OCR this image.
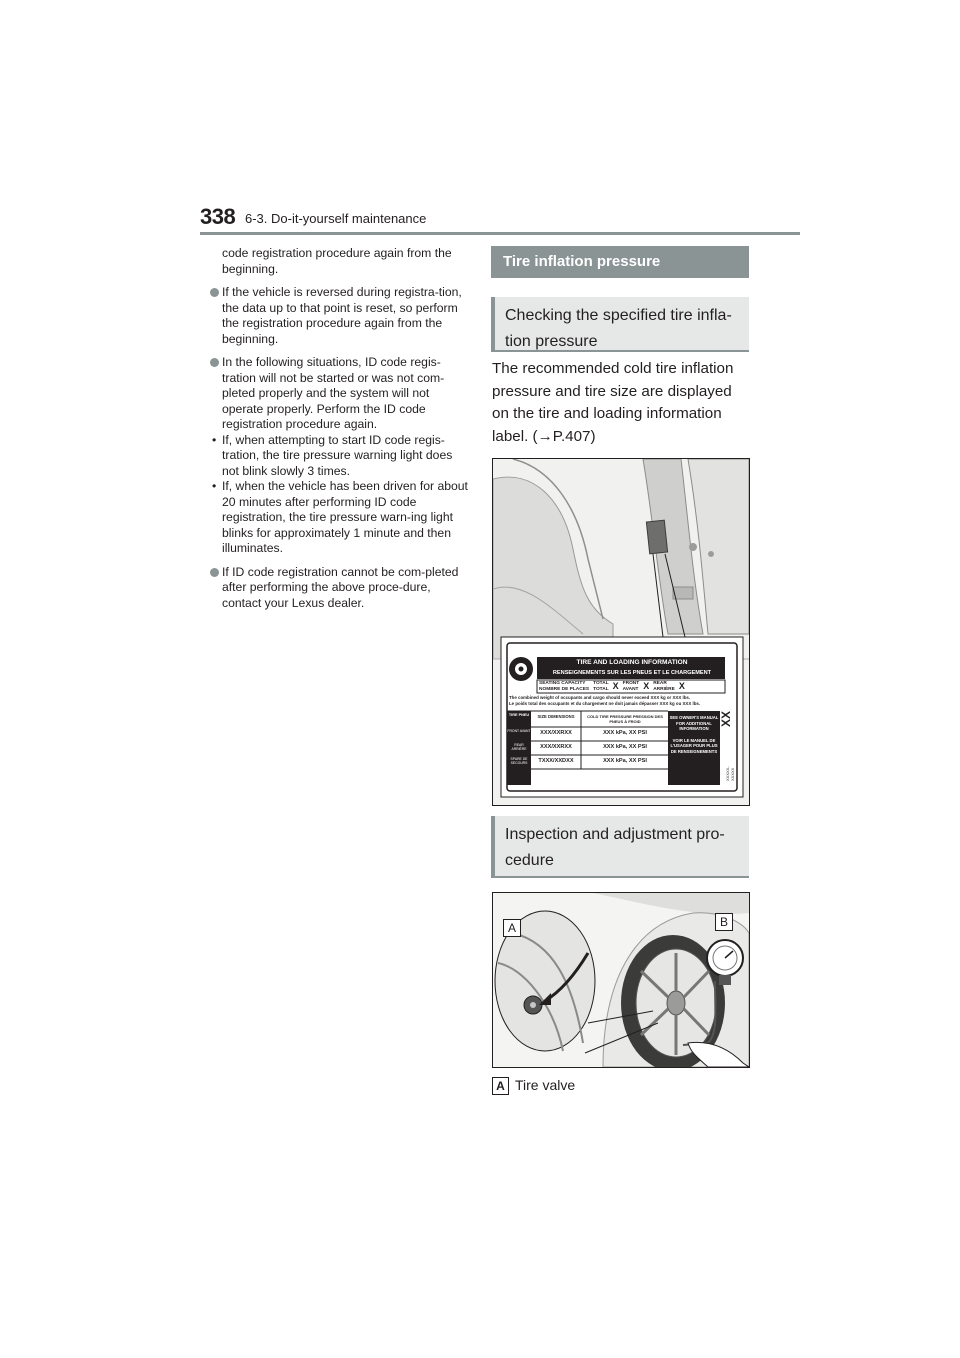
338 6-3. Do-it-yourself maintenance

code registration procedure again from the beginning.

If the vehicle is reversed during registra-tion, the data up to that point is reset, so perform the registration procedure again from the beginning.

In the following situations, ID code regis-tration will not be started or was not com-pleted properly and the system will not operate properly. Perform the ID code registration procedure again.

• If, when attempting to start ID code regis-tration, the tire pressure warning light does not blink slowly 3 times.

• If, when the vehicle has been driven for about 20 minutes after performing ID code registration, the tire pressure warn-ing light blinks for approximately 1 minute and then illuminates.

If ID code registration cannot be com-pleted after performing the above proce-dure, contact your Lexus dealer.

Tire inflation pressure
Checking the specified tire infla-tion pressure
The recommended cold tire inflation pressure and tire size are displayed on the tire and loading information label. (→P.407)
TIRE AND LOADING INFORMATION
RENSEIGNEMENTS SUR LES PNEUS ET LE CHARGEMENT
SEATING CAPACITY
NOMBRE DE PLACES
TOTAL
TOTAL X FRONT
AVANT X REAR
ARRIÈRE X
The combined weight of occupants and cargo should never exceed XXX kg or XXX lbs.
Le poids total des occupants et du chargement ne doit jamais dépasser XXX kg ou XXX lbs.
TIRE PNEU	SIZE DIMENSIONS	COLD TIRE PRESSURE PRESSION DES PNEUS À FROID
FRONT AVANT	XXX/XXRXX	XXX kPa, XX PSI
REAR ARRIÈRE	XXX/XXRXX	XXX kPa, XX PSI
SPARE DE SECOURS	TXXX/XXDXX	XXX kPa, XX PSI
SEE OWNER'S MANUAL FOR ADDITIONAL INFORMATION
VOIR LE MANUEL DE L'USAGER POUR PLUS DE RENSEIGNEMENTS
XX
XXXXX-XXXXX
Inspection and adjustment pro-cedure
A	B
A Tire valve
